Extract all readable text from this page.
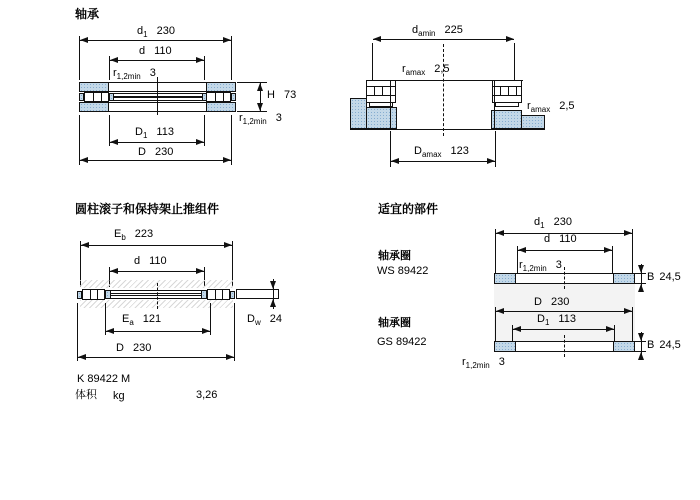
轴承
$d_1$ 230
d 110
$r_{1,2min}$ 3
H 73
$r_{1,2min}$ 3
$D_1$ 113
D 230
$d_{amin}$ 225
$r_{amax}$ 2,5
$r_{amax}$ 2,5
$D_{amax}$ 123
圆柱滚子和保持架止推组件
$E_b$ 223
d 110
$D_w$ 24
$E_a$ 121
D 230
K 89422 M
体积 kg	3,26
适宜的部件
轴承圈
WS 89422
$d_1$ 230
d 110
$r_{1,2min}$ 3
B 24,5
轴承圈
GS 89422
D 230
$D_1$ 113
B 24,5
$r_{1,2min}$ 3
